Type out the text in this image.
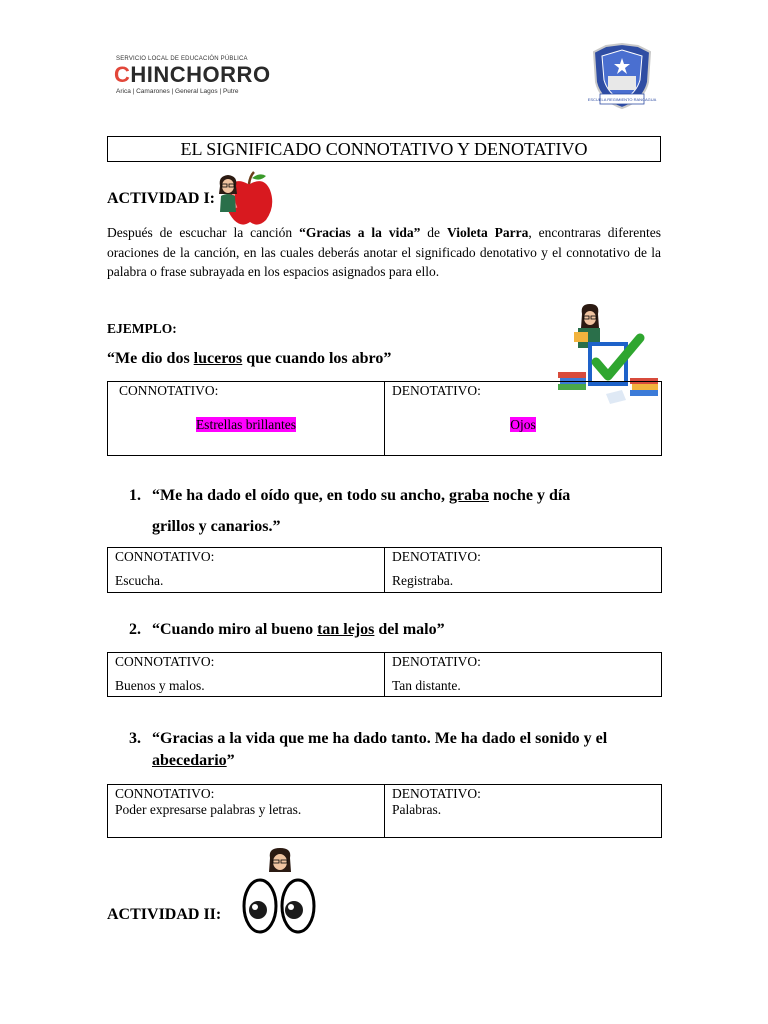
SERVICIO LOCAL DE EDUCACIÓN PÚBLICA
CHINCHORRO
Arica | Camarones | General Lagos | Putre
ESCUELA REGIMIENTO RANCAGUA
EL SIGNIFICADO CONNOTATIVO Y DENOTATIVO
ACTIVIDAD I:
Después de escuchar la canción “Gracias a la vida” de Violeta Parra, encontraras diferentes oraciones de la canción, en las cuales deberás anotar el significado denotativo y el connotativo de la palabra o frase subrayada en los espacios asignados para ello.
EJEMPLO:
“Me dio dos luceros que cuando los abro”
CONNOTATIVO:
Estrellas brillantes

DENOTATIVO:
Ojos
1. “Me ha dado el oído que, en todo su ancho, graba noche y día
grillos y canarios.”
CONNOTATIVO:
Escucha.

DENOTATIVO:
Registraba.
2. “Cuando miro al bueno tan lejos del malo”
CONNOTATIVO:
Buenos y malos.

DENOTATIVO:
Tan distante.
3. “Gracias a la vida que me ha dado tanto. Me ha dado el sonido y el
abecedario”
CONNOTATIVO:
Poder expresarse palabras y letras.

DENOTATIVO:
Palabras.
ACTIVIDAD II:
